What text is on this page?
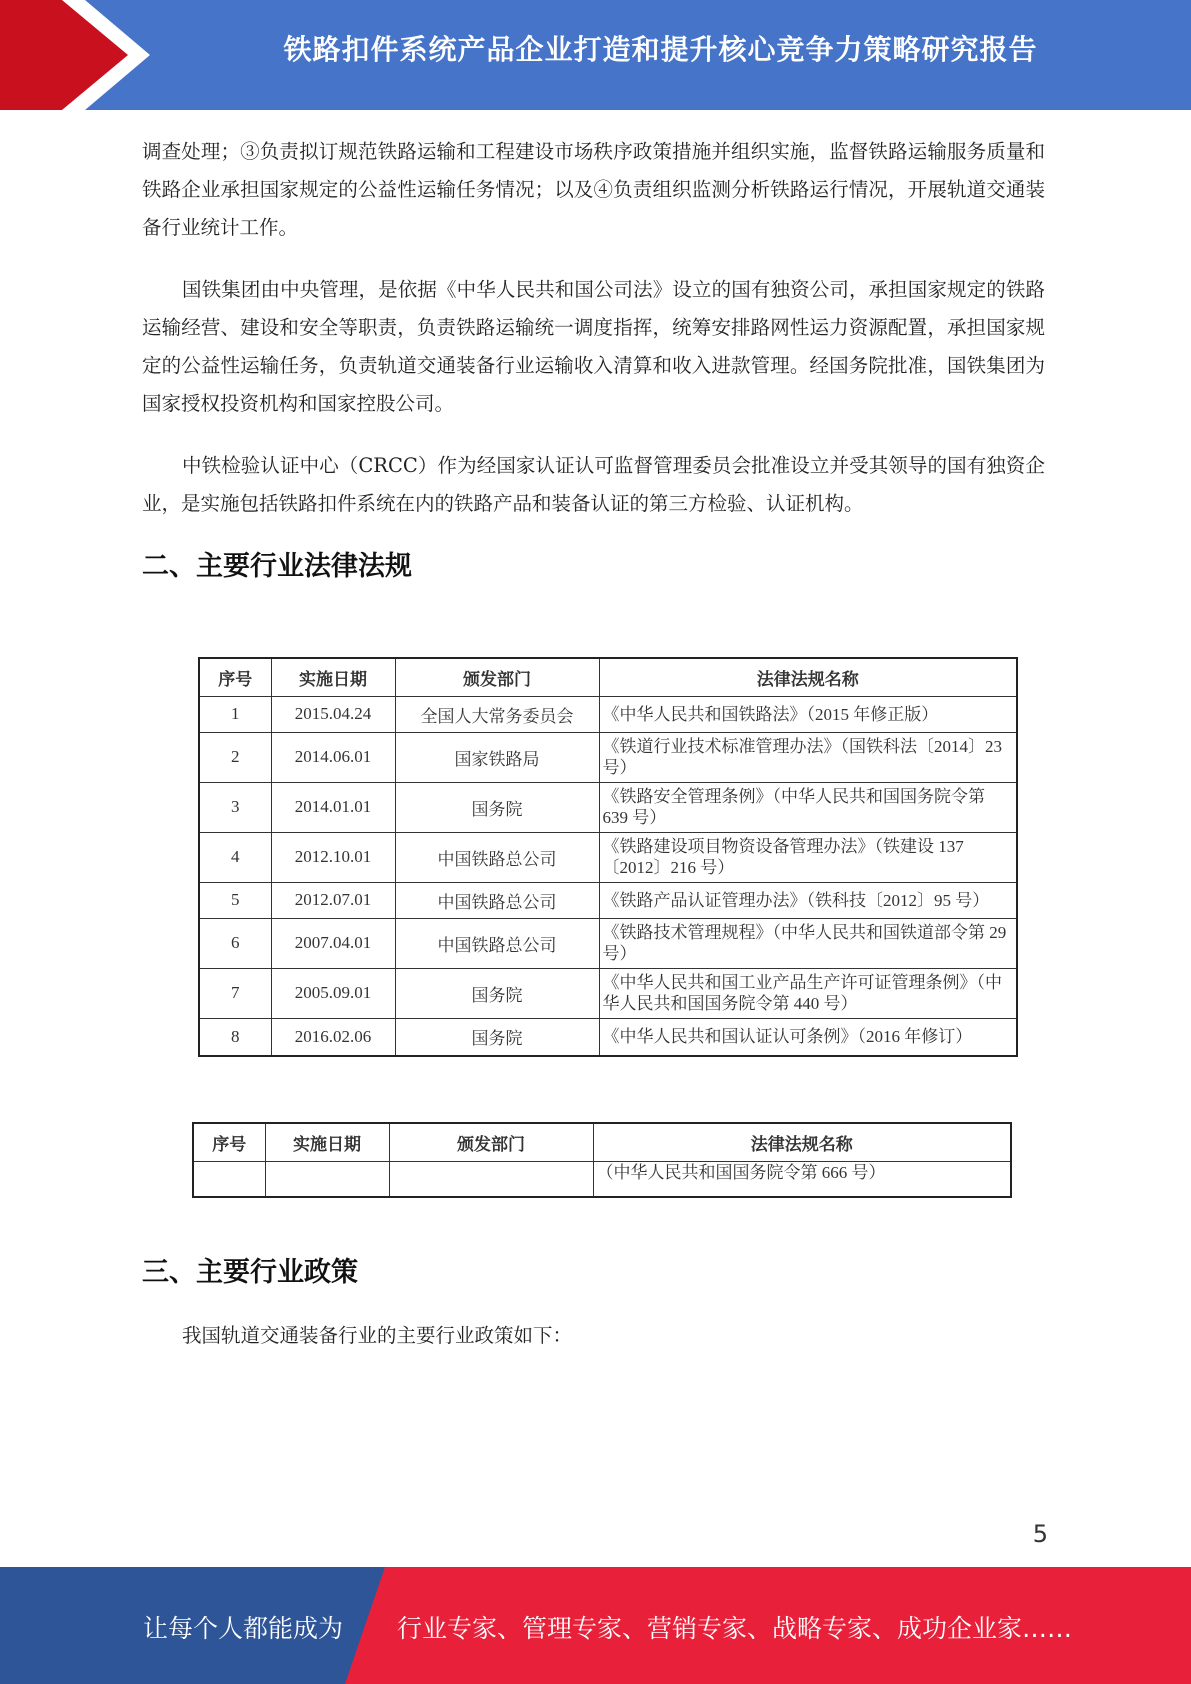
铁路扣件系统产品企业打造和提升核心竞争力策略研究报告

调查处理；③负责拟订规范铁路运输和工程建设市场秩序政策措施并组织实施，监督铁路运输服务质量和铁路企业承担国家规定的公益性运输任务情况；以及④负责组织监测分析铁路运行情况，开展轨道交通装备行业统计工作。

国铁集团由中央管理，是依据《中华人民共和国公司法》设立的国有独资公司，承担国家规定的铁路运输经营、建设和安全等职责，负责铁路运输统一调度指挥，统筹安排路网性运力资源配置，承担国家规定的公益性运输任务，负责轨道交通装备行业运输收入清算和收入进款管理。经国务院批准，国铁集团为国家授权投资机构和国家控股公司。

中铁检验认证中心（CRCC）作为经国家认证认可监督管理委员会批准设立并受其领导的国有独资企业，是实施包括铁路扣件系统在内的铁路产品和装备认证的第三方检验、认证机构。

二、主要行业法律法规
序号	实施日期	颁发部门	法律法规名称
1	2015.04.24	全国人大常务委员会	《中华人民共和国铁路法》（2015 年修正版）
2	2014.06.01	国家铁路局	《铁道行业技术标准管理办法》（国铁科法〔2014〕23 号）
3	2014.01.01	国务院	《铁路安全管理条例》（中华人民共和国国务院令第 639 号）
4	2012.10.01	中国铁路总公司	《铁路建设项目物资设备管理办法》（铁建设 137〔2012〕216 号）
5	2012.07.01	中国铁路总公司	《铁路产品认证管理办法》（铁科技〔2012〕95 号）
6	2007.04.01	中国铁路总公司	《铁路技术管理规程》（中华人民共和国铁道部令第 29 号）
7	2005.09.01	国务院	《中华人民共和国工业产品生产许可证管理条例》（中华人民共和国国务院令第 440 号）
8	2016.02.06	国务院	《中华人民共和国认证认可条例》（2016 年修订）
序号	实施日期	颁发部门	法律法规名称
			（中华人民共和国国务院令第 666 号）
三、主要行业政策

我国轨道交通装备行业的主要行业政策如下：

5
让每个人都能成为 行业专家、管理专家、营销专家、战略专家、成功企业家……
